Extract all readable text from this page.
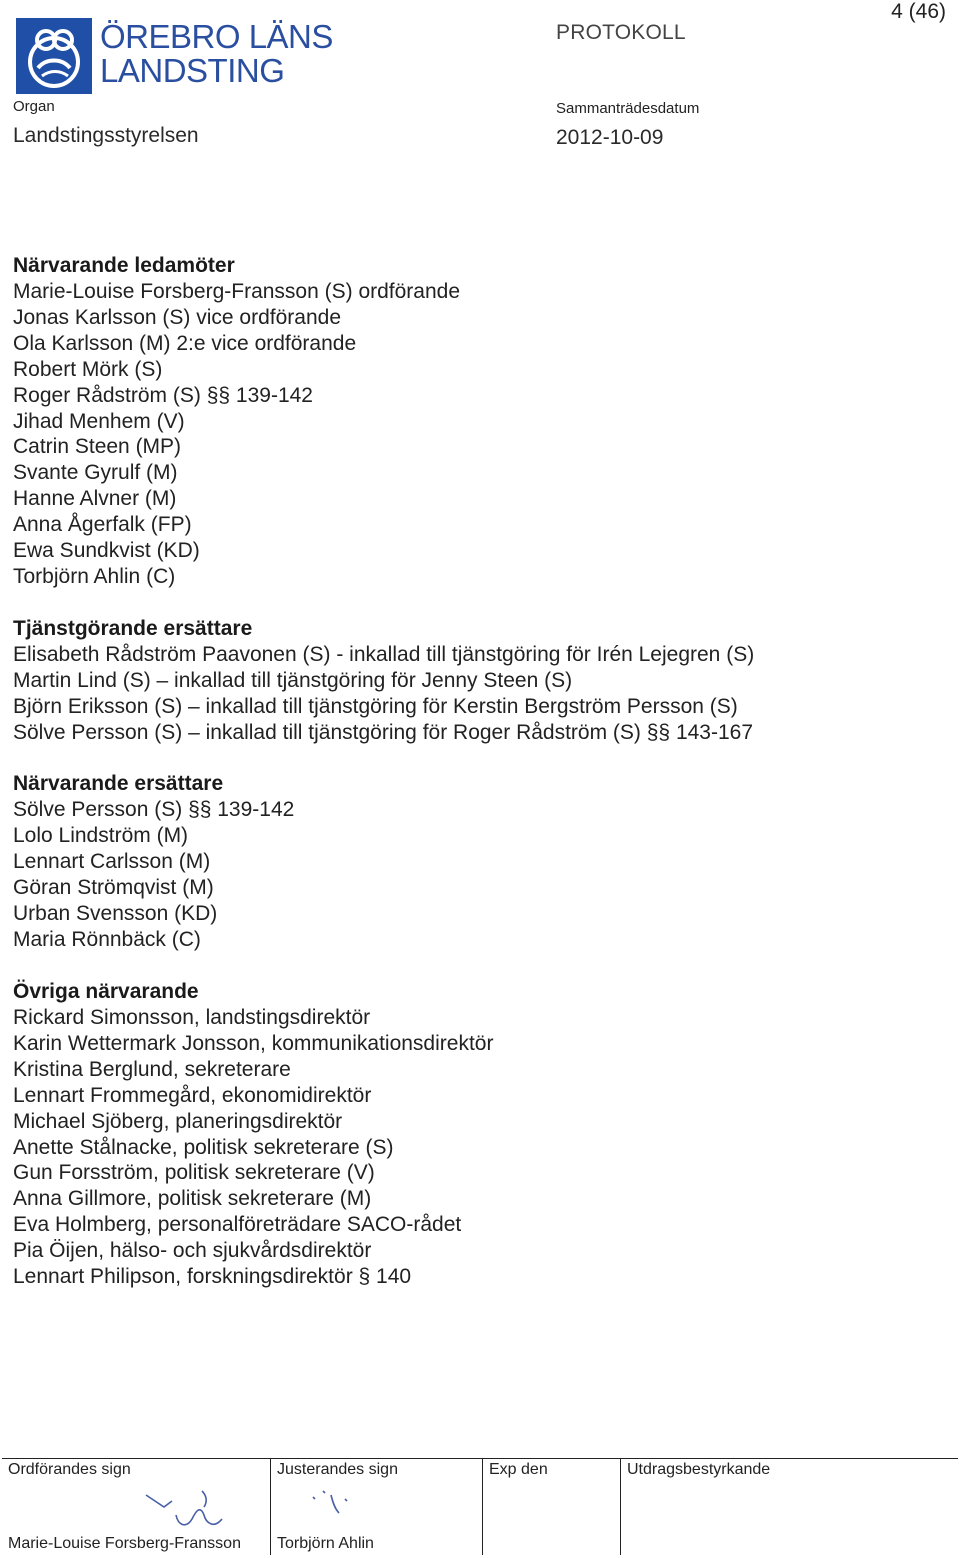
ÖREBRO LÄNS
LANDSTING
Organ
Landstingsstyrelsen
PROTOKOLL
Sammanträdesdatum
2012-10-09
4 (46)
Närvarande ledamöter
Marie-Louise Forsberg-Fransson (S) ordförande
Jonas Karlsson (S) vice ordförande
Ola Karlsson (M) 2:e vice ordförande
Robert Mörk (S)
Roger Rådström (S) §§ 139-142
Jihad Menhem (V)
Catrin Steen (MP)
Svante Gyrulf (M)
Hanne Alvner (M)
Anna Ågerfalk (FP)
Ewa Sundkvist (KD)
Torbjörn Ahlin (C)
Tjänstgörande ersättare
Elisabeth Rådström Paavonen (S) - inkallad till tjänstgöring för Irén Lejegren (S)
Martin Lind (S) – inkallad till tjänstgöring för Jenny Steen (S)
Björn Eriksson (S) – inkallad till tjänstgöring för Kerstin Bergström Persson (S)
Sölve Persson (S) – inkallad till tjänstgöring för Roger Rådström (S) §§ 143-167
Närvarande ersättare
Sölve Persson (S) §§ 139-142
Lolo Lindström (M)
Lennart Carlsson (M)
Göran Strömqvist (M)
Urban Svensson (KD)
Maria Rönnbäck (C)
Övriga närvarande
Rickard Simonsson, landstingsdirektör
Karin Wettermark Jonsson, kommunikationsdirektör
Kristina Berglund, sekreterare
Lennart Frommegård, ekonomidirektör
Michael Sjöberg, planeringsdirektör
Anette Stålnacke, politisk sekreterare (S)
Gun Forsström, politisk sekreterare (V)
Anna Gillmore, politisk sekreterare (M)
Eva Holmberg, personalföreträdare SACO-rådet
Pia Öijen, hälso- och sjukvårdsdirektör
Lennart Philipson, forskningsdirektör § 140
Ordförandes sign
Marie-Louise Forsberg-Fransson
Justerandes sign
Torbjörn Ahlin
Exp den	Utdragsbestyrkande
